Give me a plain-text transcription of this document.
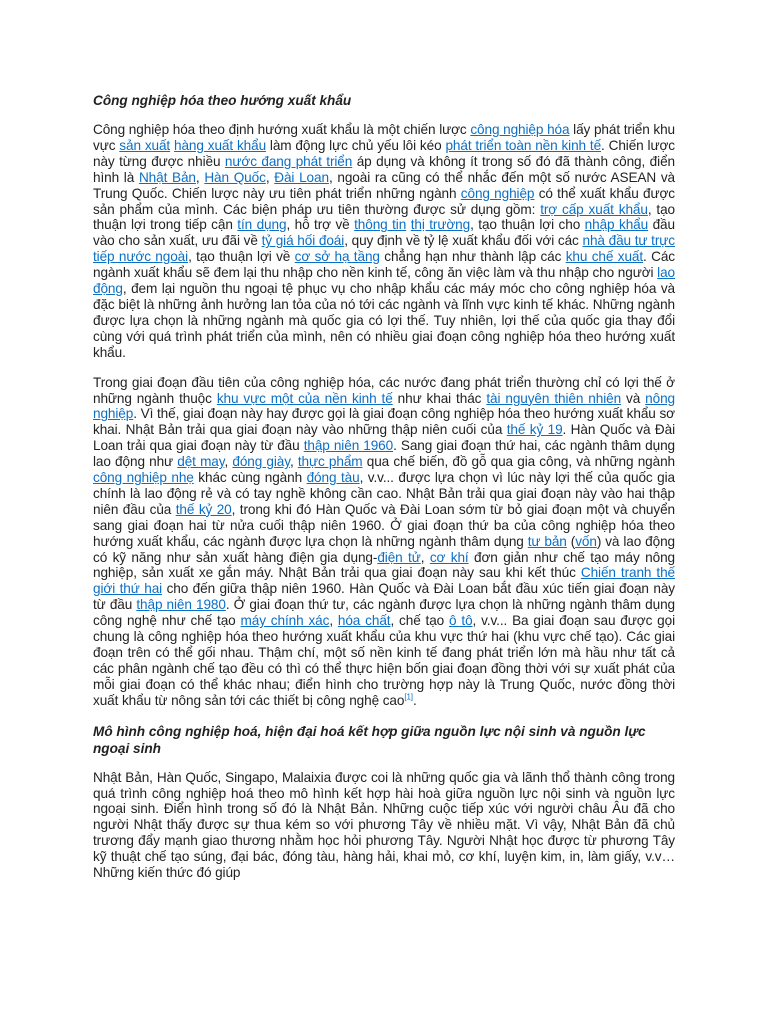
Công nghiệp hóa theo hướng xuất khẩu

Công nghiệp hóa theo định hướng xuất khẩu là một chiến lược công nghiệp hóa lấy phát triển khu vực sản xuất hàng xuất khẩu làm động lực chủ yếu lôi kéo phát triển toàn nền kinh tế. Chiến lược này từng được nhiều nước đang phát triển áp dụng và không ít trong số đó đã thành công, điển hình là Nhật Bản, Hàn Quốc, Đài Loan, ngoài ra cũng có thể nhắc đến một số nước ASEAN và Trung Quốc. Chiến lược này ưu tiên phát triển những ngành công nghiệp có thể xuất khẩu được sản phẩm của mình. Các biện pháp ưu tiên thường được sử dụng gồm: trợ cấp xuất khẩu, tạo thuận lợi trong tiếp cận tín dụng, hỗ trợ về thông tin thị trường, tạo thuận lợi cho nhập khẩu đầu vào cho sản xuất, ưu đãi về tỷ giá hối đoái, quy định về tỷ lệ xuất khẩu đối với các nhà đầu tư trực tiếp nước ngoài, tạo thuận lợi về cơ sở hạ tầng chẳng hạn như thành lập các khu chế xuất. Các ngành xuất khẩu sẽ đem lại thu nhập cho nền kinh tế, công ăn việc làm và thu nhập cho người lao động, đem lại nguồn thu ngoại tệ phục vụ cho nhập khẩu các máy móc cho công nghiệp hóa và đặc biệt là những ảnh hưởng lan tỏa của nó tới các ngành và lĩnh vực kinh tế khác. Những ngành được lựa chọn là những ngành mà quốc gia có lợi thế. Tuy nhiên, lợi thế của quốc gia thay đổi cùng với quá trình phát triển của mình, nên có nhiều giai đoạn công nghiệp hóa theo hướng xuất khẩu.

Trong giai đoạn đầu tiên của công nghiệp hóa, các nước đang phát triển thường chỉ có lợi thế ở những ngành thuộc khu vực một của nền kinh tế như khai thác tài nguyên thiên nhiên và nông nghiệp. Vì thế, giai đoạn này hay được gọi là giai đoạn công nghiệp hóa theo hướng xuất khẩu sơ khai. Nhật Bản trải qua giai đoạn này vào những thập niên cuối của thế kỷ 19. Hàn Quốc và Đài Loan trải qua giai đoạn này từ đầu thập niên 1960. Sang giai đoạn thứ hai, các ngành thâm dụng lao động như dệt may, đóng giày, thực phẩm qua chế biến, đồ gỗ qua gia công, và những ngành công nghiệp nhẹ khác cùng ngành đóng tàu, v.v... được lựa chọn vì lúc này lợi thế của quốc gia chính là lao động rẻ và có tay nghề không cần cao. Nhật Bản trải qua giai đoạn này vào hai thập niên đầu của thế kỷ 20, trong khi đó Hàn Quốc và Đài Loan sớm từ bỏ giai đoạn một và chuyển sang giai đoạn hai từ nửa cuối thập niên 1960. Ở giai đoạn thứ ba của công nghiệp hóa theo hướng xuất khẩu, các ngành được lựa chọn là những ngành thâm dụng tư bản (vốn) và lao động có kỹ năng như sản xuất hàng điện gia dụng-điện tử, cơ khí đơn giản như chế tạo máy nông nghiệp, sản xuất xe gắn máy. Nhật Bản trải qua giai đoạn này sau khi kết thúc Chiến tranh thế giới thứ hai cho đến giữa thập niên 1960. Hàn Quốc và Đài Loan bắt đầu xúc tiến giai đoạn này từ đầu thập niên 1980. Ở giai đoạn thứ tư, các ngành được lựa chọn là những ngành thâm dụng công nghệ như chế tạo máy chính xác, hóa chất, chế tạo ô tô, v.v... Ba giai đoạn sau được gọi chung là công nghiệp hóa theo hướng xuất khẩu của khu vực thứ hai (khu vực chế tạo). Các giai đoạn trên có thể gối nhau. Thậm chí, một số nền kinh tế đang phát triển lớn mà hầu như tất cả các phân ngành chế tạo đều có thì có thể thực hiện bốn giai đoạn đồng thời với sự xuất phát của mỗi giai đoạn có thể khác nhau; điển hình cho trường hợp này là Trung Quốc, nước đồng thời xuất khẩu từ nông sản tới các thiết bị công nghệ cao[1].

Mô hình công nghiệp hoá, hiện đại hoá kết hợp giữa nguồn lực nội sinh và nguồn lực ngoại sinh

Nhật Bản, Hàn Quốc, Singapo, Malaixia được coi là những quốc gia và lãnh thổ thành công trong quá trình công nghiệp hoá theo mô hình kết hợp hài hoà giữa nguồn lực nội sinh và nguồn lực ngoại sinh. Điển hình trong số đó là Nhật Bản. Những cuộc tiếp xúc với người châu Âu đã cho người Nhật thấy được sự thua kém so với phương Tây về nhiều mặt. Vì vậy, Nhật Bản đã chủ trương đẩy mạnh giao thương nhằm học hỏi phương Tây. Người Nhật học được từ phương Tây kỹ thuật chế tạo súng, đại bác, đóng tàu, hàng hải, khai mỏ, cơ khí, luyện kim, in, làm giấy, v.v… Những kiến thức đó giúp
